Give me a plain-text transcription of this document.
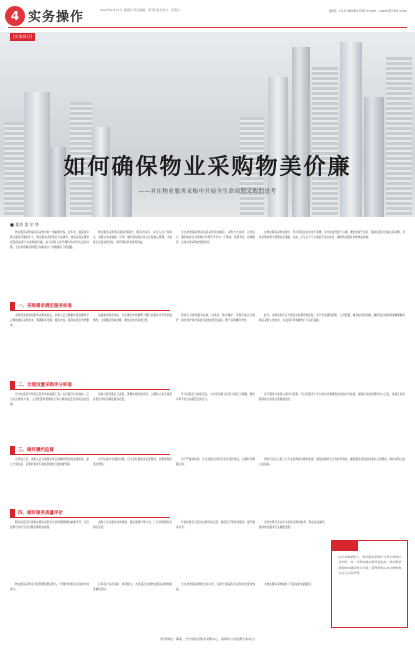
4 实务操作	2022年6月23日 星期四 责任编辑：郭 明 版式设计：彭春立	编辑：010-68464356 Email：pwzz@163.com
[实务探讨]
如何确保物业采购物美价廉
——对在物业服务采购中开展全生命周期采购的思考
■ 聂涛 姜 尔 华

物业服务采购是政府采购中的一项重要内容。近年来，随着政府购买服务范围的扩大，物业服务采购项目日益增多，如何在保证服务质量的前提下实现物美价廉，成为采购人和代理机构共同关注的问题。全生命周期采购理念为解决这一问题提供了新思路。

物业服务采购具有服务周期长、服务内容多、涉及人员广等特点，需要从需求编制、评审、履约到验收评价全过程加以管理，才能真正实现采购目标，提升财政资金使用效益。

全生命周期采购是指将采购需求确定、采购方式选择、合同签订、履约验收以及绩效评价等环节作为一个整体，统筹考虑、协调推进，从而实现采购结果最优化。

在物业服务采购实践中，部分项目存在需求不清晰、评分标准设置不合理、履约监督不到位、服务质量评价缺失等问题，导致采购结果与预期存在差距。对此，应从以下几方面着手加以改进，确保物业服务采购物美价廉。

一、采购需求满足服务标准

采购需求是物业服务采购的起点，采购人应当根据实际需要科学合理地确定采购需求，明确服务范围、服务内容、服务标准及考核要求。

在编制采购需求时，可以通过市场调研了解行业服务水平和价格情况，合理确定预算金额，避免需求过高或过低。

同时应当细化服务标准，对保洁、秩序维护、设施设备运行维护、绿化养护等内容提出具体的量化指标，便于后续履约考核。

此外，采购需求还应与项目实际情况相匹配，充分考虑建筑面积、人员配置、服务时间等因素，确保供应商能够准确理解并响应采购人的需求，为后续评审和履约打下良好基础。

二、合理设置采购评分标准

评分标准是引导供应商竞争的重要工具。在设置评分标准时，应当突出服务方案、人员配置和管理能力等与服务质量密切相关的因素。

价格分值设置应当适度，既要体现价格竞争，又要防止供应商恶意低价中标后降低服务质量。

评分因素应当细化量化，与评审因素对应的分值应当明确，避免评审专家自由裁量空间过大。

对于服务方案等主观评分因素，可以设置多个评分档次并明确各档次的评分标准，提高评审的客观性和公正性，使真正具有服务能力的供应商脱颖而出。

三、做好履约监督

合同签订后，采购人应当加强对供应商履约情况的监督检查，建立日常巡查、定期检查和专项检查相结合的监督机制。

对于检查中发现的问题，应当及时通知供应商整改，并跟踪整改落实情况。

对于严重违约的，应当按照合同约定追究违约责任，必要时可解除合同。

同时可以引入第三方专业机构参与履约监督，提高监督的专业性和有效性，确保服务质量始终满足合同要求，维护采购人的合法权益。

四、做好服务质量评价

服务质量评价是物业服务采购全生命周期管理的重要环节，评价结果可以作为支付服务费用的依据。

采购人可以通过问卷调查、满意度测评等方式，广泛听取服务对象的意见。

评价结果应当及时反馈给供应商，督促其不断改进服务，提升服务水平。

评价结果还可以作为后续采购的参考，形成良性循环，推动物业服务行业健康发展。

物业服务采购全过程管理需要采购人、代理机构和供应商的共同参与。

只有各方各司其职、协同配合，才能真正实现物业服务采购物美价廉的目标。

全生命周期采购理念的运用，有助于提高政府采购的质量和效益。

为物业服务采购提供了可借鉴的实践路径。

在中央国家机关，物业服务采购作为集中采购目录中的一项，其需求越来越受到重视。物业服务采购如何确保物美价廉，值得采购人和代理机构共同关注和思考。
（作者单位：海南、万宁市政府集中采购中心、深圳市公共资源交易中心）
